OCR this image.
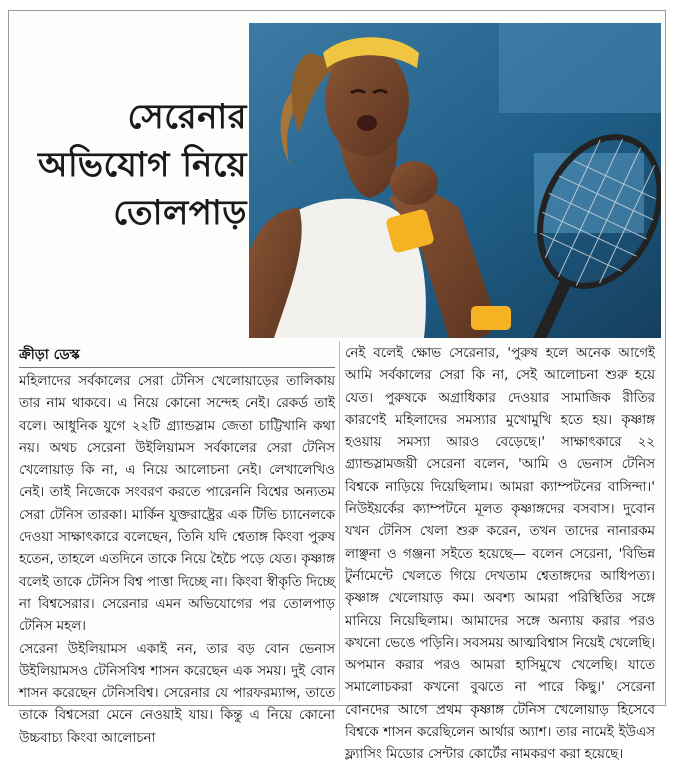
সেরেনার
অভিযোগ নিয়ে
তোলপাড়
ক্রীড়া ডেস্ক

মহিলাদের সর্বকালের সেরা টেনিস খেলোয়াড়ের তালিকায় তার নাম থাকবে। এ নিয়ে কোনো সন্দেহ নেই। রেকর্ড তাই বলে। আধুনিক যুগে ২২টি গ্র্যান্ডস্লাম জেতা চাট্টিখানি কথা নয়। অথচ সেরেনা উইলিয়ামস সর্বকালের সেরা টেনিস খেলোয়াড় কি না, এ নিয়ে আলোচনা নেই। লেখালেখিও নেই। তাই নিজেকে সংবরণ করতে পারেননি বিশ্বের অন্যতম সেরা টেনিস তারকা। মার্কিন যুক্তরাষ্ট্রের এক টিভি চ্যানেলকে দেওয়া সাক্ষাৎকারে বলেছেন, তিনি যদি শ্বেতাঙ্গ কিংবা পুরুষ হতেন, তাহলে এতদিনে তাকে নিয়ে হৈচৈ পড়ে যেত। কৃষ্ণাঙ্গ বলেই তাকে টেনিস বিশ্ব পাত্তা দিচ্ছে না। কিংবা স্বীকৃতি দিচ্ছে না বিশ্বসেরার। সেরেনার এমন অভিযোগের পর তোলপাড় টেনিস মহল।

সেরেনা উইলিয়ামস একাই নন, তার বড় বোন ভেনাস উইলিয়ামসও টেনিসবিশ্ব শাসন করেছেন এক সময়। দুই বোন শাসন করেছেন টেনিসবিশ্ব। সেরেনার যে পারফরম্যান্স, তাতে তাকে বিশ্বসেরা মেনে নেওয়াই যায়। কিন্তু এ নিয়ে কোনো উচ্চবাচ্য কিংবা আলোচনা

নেই বলেই ক্ষোভ সেরেনার, 'পুরুষ হলে অনেক আগেই আমি সর্বকালের সেরা কি না, সেই আলোচনা শুরু হয়ে যেত। পুরুষকে অগ্রাধিকার দেওয়ার সামাজিক রীতির কারণেই মহিলাদের সমস্যার মুখোমুখি হতে হয়। কৃষ্ণাঙ্গ হওয়ায় সমস্যা আরও বেড়েছে।' সাক্ষাৎকারে ২২ গ্র্যান্ডস্লামজয়ী সেরেনা বলেন, 'আমি ও ভেনাস টেনিস বিশ্বকে নাড়িয়ে দিয়েছিলাম। আমরা ক্যাম্পটনের বাসিন্দা।' নিউইয়র্কের ক্যাম্পটনে মূলত কৃষ্ণাঙ্গদের বসবাস। দুবোন যখন টেনিস খেলা শুরু করেন, তখন তাদের নানারকম লাঞ্ছনা ও গঞ্জনা সইতে হয়েছে— বলেন সেরেনা, 'বিভিন্ন টুর্নামেন্টে খেলতে গিয়ে দেখতাম শ্বেতাঙ্গদের আধিপত্য। কৃষ্ণাঙ্গ খেলোয়াড় কম। অবশ্য আমরা পরিস্থিতির সঙ্গে মানিয়ে নিয়েছিলাম। আমাদের সঙ্গে অন্যায় করার পরও কখনো ভেঙে পড়িনি। সবসময় আত্মবিশ্বাস নিয়েই খেলেছি। অপমান করার পরও আমরা হাসিমুখে খেলেছি। যাতে সমালোচকরা কখনো বুঝতে না পারে কিছু।' সেরেনা বোনদের আগে প্রথম কৃষ্ণাঙ্গ টেনিস খেলোয়াড় হিসেবে বিশ্বকে শাসন করেছিলেন আর্থার অ্যাশ। তার নামেই ইউএস ফ্ল্যাসিং মিডোর সেন্টার কোর্টের নামকরণ করা হয়েছে।
